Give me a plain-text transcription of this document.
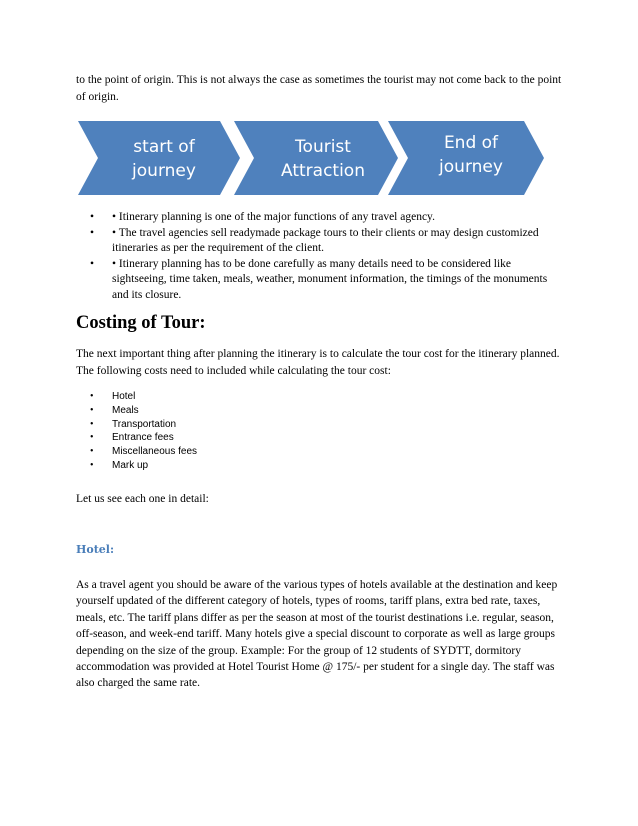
to the point of origin. This is not always the case as sometimes the tourist may not come back to the point of origin.

start of
journey
Tourist
Attraction
End of
journey
• • Itinerary planning is one of the major functions of any travel agency.
• • The travel agencies sell readymade package tours to their clients or may design customized itineraries as per the requirement of the client.
• • Itinerary planning has to be done carefully as many details need to be considered like sightseeing, time taken, meals, weather, monument information, the timings of the monuments and its closure.
Costing of Tour:

The next important thing after planning the itinerary is to calculate the tour cost for the itinerary planned. The following costs need to included while calculating the tour cost:

• Hotel
• Meals
• Transportation
• Entrance fees
• Miscellaneous fees
• Mark up

Let us see each one in detail:

Hotel:

As a travel agent you should be aware of the various types of hotels available at the destination and keep yourself updated of the different category of hotels, types of rooms, tariff plans, extra bed rate, taxes, meals, etc. The tariff plans differ as per the season at most of the tourist destinations i.e. regular, season, off-season, and week-end tariff. Many hotels give a special discount to corporate as well as large groups depending on the size of the group. Example: For the group of 12 students of SYDTT, dormitory accommodation was provided at Hotel Tourist Home @ 175/- per student for a single day. The staff was also charged the same rate.
